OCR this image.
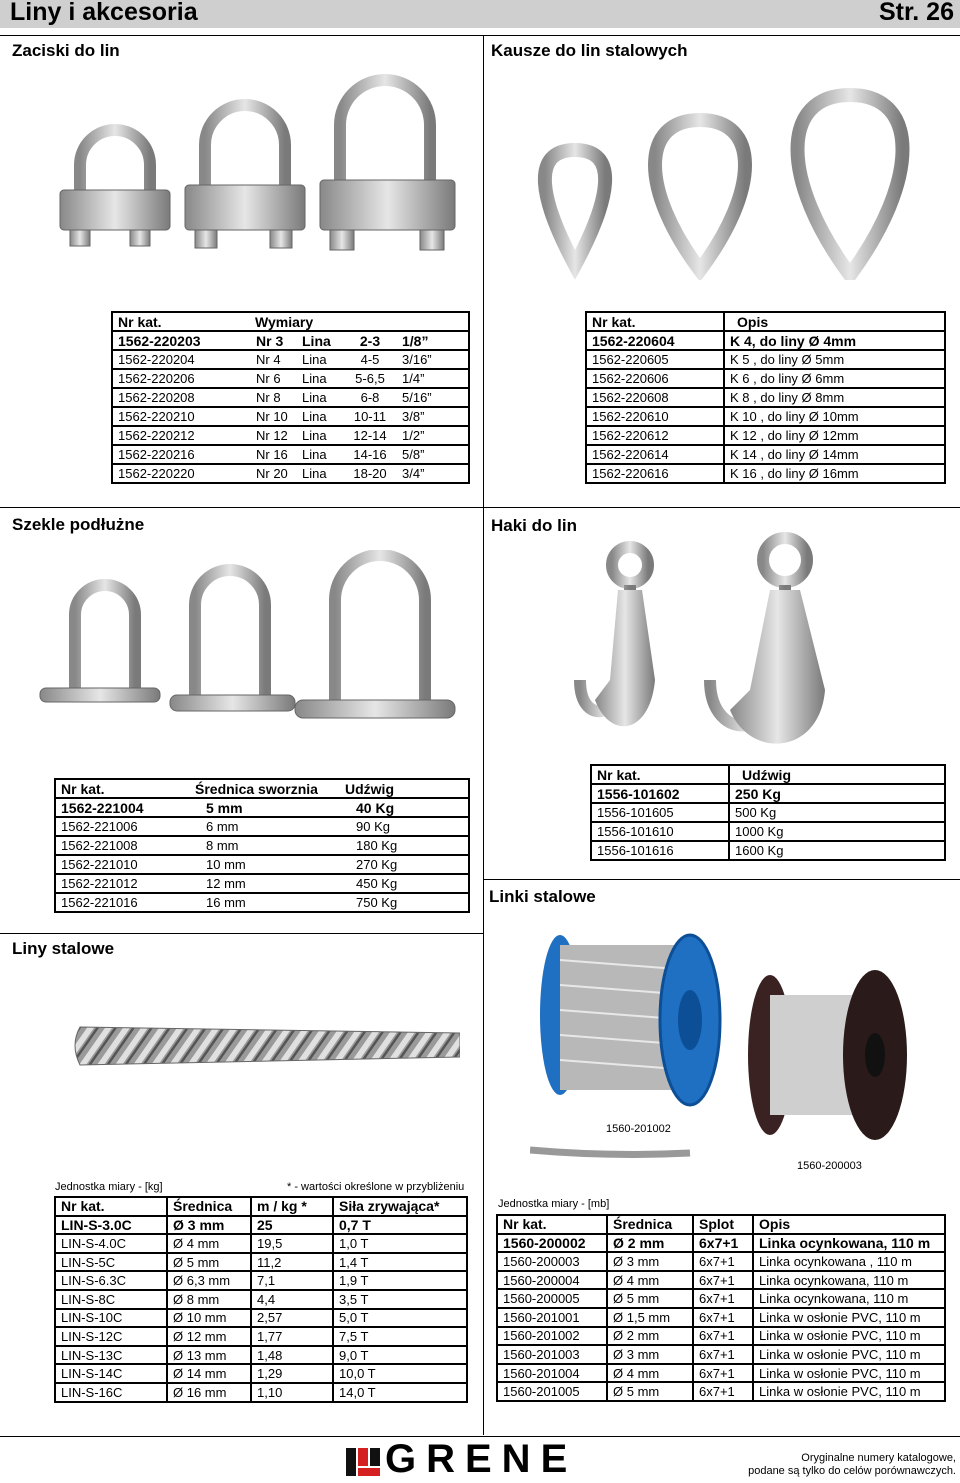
Liny i akcesoria	Str. 26
Zaciski do lin
Nr kat.	Wymiary			
1562-220203	Nr 3	Lina	2-3	1/8”
1562-220204	Nr 4	Lina	4-5	3/16”
1562-220206	Nr 6	Lina	5-6,5	1/4”
1562-220208	Nr 8	Lina	6-8	5/16”
1562-220210	Nr 10	Lina	10-11	3/8”
1562-220212	Nr 12	Lina	12-14	1/2”
1562-220216	Nr 16	Lina	14-16	5/8”
1562-220220	Nr 20	Lina	18-20	3/4”
Kausze do lin stalowych
Nr kat.	Opis
1562-220604	K 4, do liny Ø 4mm
1562-220605	K 5 , do liny Ø 5mm
1562-220606	K 6 , do liny Ø 6mm
1562-220608	K 8 , do liny Ø 8mm
1562-220610	K 10 , do liny Ø 10mm
1562-220612	K 12 , do liny Ø 12mm
1562-220614	K 14 , do liny Ø 14mm
1562-220616	K 16 , do liny Ø 16mm
Szekle podłużne
Nr kat.	Średnica sworznia	Udźwig
1562-221004	5 mm	40 Kg
1562-221006	6 mm	90 Kg
1562-221008	8 mm	180 Kg
1562-221010	10 mm	270 Kg
1562-221012	12 mm	450 Kg
1562-221016	16 mm	750 Kg
Haki do lin
Nr kat.	Udźwig
1556-101602	250 Kg
1556-101605	500 Kg
1556-101610	1000 Kg
1556-101616	1600 Kg
Liny stalowe
Jednostka miary - [kg]	* - wartości określone w przybliżeniu
Nr kat.	Średnica	m / kg *	Siła zrywająca*
LIN-S-3.0C	Ø 3 mm	25	0,7 T
LIN-S-4.0C	Ø 4 mm	19,5	1,0 T
LIN-S-5C	Ø 5 mm	11,2	1,4 T
LIN-S-6.3C	Ø 6,3 mm	7,1	1,9 T
LIN-S-8C	Ø 8 mm	4,4	3,5 T
LIN-S-10C	Ø 10 mm	2,57	5,0 T
LIN-S-12C	Ø 12 mm	1,77	7,5 T
LIN-S-13C	Ø 13 mm	1,48	9,0 T
LIN-S-14C	Ø 14 mm	1,29	10,0 T
LIN-S-16C	Ø 16 mm	1,10	14,0 T
Linki stalowe
1560-201002
1560-200003
Jednostka miary - [mb]
Nr kat.	Średnica	Splot	Opis
1560-200002	Ø 2 mm	6x7+1	Linka ocynkowana, 110 m
1560-200003	Ø 3 mm	6x7+1	Linka ocynkowana , 110 m
1560-200004	Ø 4 mm	6x7+1	Linka ocynkowana, 110 m
1560-200005	Ø 5 mm	6x7+1	Linka ocynkowana, 110 m
1560-201001	Ø 1,5 mm	6x7+1	Linka w osłonie PVC, 110 m
1560-201002	Ø 2 mm	6x7+1	Linka w osłonie PVC, 110 m
1560-201003	Ø 3 mm	6x7+1	Linka w osłonie PVC, 110 m
1560-201004	Ø 4 mm	6x7+1	Linka w osłonie PVC, 110 m
1560-201005	Ø 5 mm	6x7+1	Linka w osłonie PVC, 110 m
GRENE	Oryginalne numery katalogowe,
podane są tylko do celów porównawczych.
